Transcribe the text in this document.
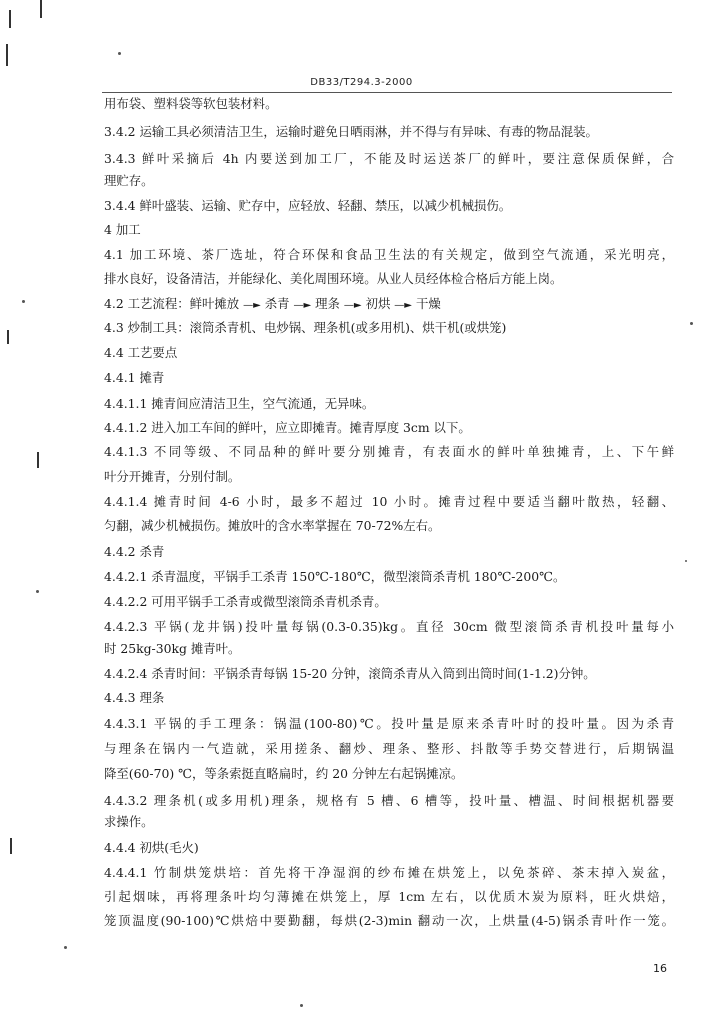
DB33/T294.3-2000
用布袋、塑料袋等软包装材料。
3.4.2 运输工具必须清洁卫生，运输时避免日晒雨淋，并不得与有异味、有毒的物品混装。
3.4.3 鲜叶采摘后 4h 内要送到加工厂，不能及时运送茶厂的鲜叶，要注意保质保鲜，合
理贮存。
3.4.4 鲜叶盛装、运输、贮存中，应轻放、轻翻、禁压，以减少机械损伤。
4 加工
4.1 加工环境、茶厂选址，符合环保和食品卫生法的有关规定，做到空气流通，采光明亮，
排水良好，设备清洁，并能绿化、美化周围环境。从业人员经体检合格后方能上岗。
4.2 工艺流程：鲜叶摊放 —► 杀青 —► 理条 —► 初烘 —► 干燥
4.3 炒制工具：滚筒杀青机、电炒锅、理条机(或多用机)、烘干机(或烘笼)
4.4 工艺要点
4.4.1 摊青
4.4.1.1 摊青间应清洁卫生，空气流通，无异味。
4.4.1.2 进入加工车间的鲜叶，应立即摊青。摊青厚度 3cm 以下。
4.4.1.3 不同等级、不同品种的鲜叶要分别摊青，有表面水的鲜叶单独摊青，上、下午鲜
叶分开摊青，分别付制。
4.4.1.4 摊青时间 4-6 小时，最多不超过 10 小时。摊青过程中要适当翻叶散热，轻翻、
匀翻，减少机械损伤。摊放叶的含水率掌握在 70-72%左右。
4.4.2 杀青
4.4.2.1 杀青温度，平锅手工杀青 150℃-180℃，微型滚筒杀青机 180℃-200℃。
4.4.2.2 可用平锅手工杀青或微型滚筒杀青机杀青。
4.4.2.3 平锅(龙井锅)投叶量每锅(0.3-0.35)kg。直径 30cm 微型滚筒杀青机投叶量每小
时 25kg-30kg 摊青叶。
4.4.2.4 杀青时间：平锅杀青每锅 15-20 分钟，滚筒杀青从入筒到出筒时间(1-1.2)分钟。
4.4.3 理条
4.4.3.1 平锅的手工理条：锅温(100-80)℃。投叶量是原来杀青叶时的投叶量。因为杀青
与理条在锅内一气造就，采用搓条、翻炒、理条、整形、抖散等手势交替进行，后期锅温
降至(60-70) ℃，等条索挺直略扁时，约 20 分钟左右起锅摊凉。
4.4.3.2 理条机(或多用机)理条，规格有 5 槽、6 槽等，投叶量、槽温、时间根据机器要
求操作。
4.4.4 初烘(毛火)
4.4.4.1 竹制烘笼烘培：首先将干净湿润的纱布摊在烘笼上，以免茶碎、茶末掉入炭盆，
引起烟味，再将理条叶均匀薄摊在烘笼上，厚 1cm 左右，以优质木炭为原料，旺火烘焙，
笼顶温度(90-100)℃烘焙中要勤翻，每烘(2-3)min 翻动一次，上烘量(4-5)锅杀青叶作一笼。
16
